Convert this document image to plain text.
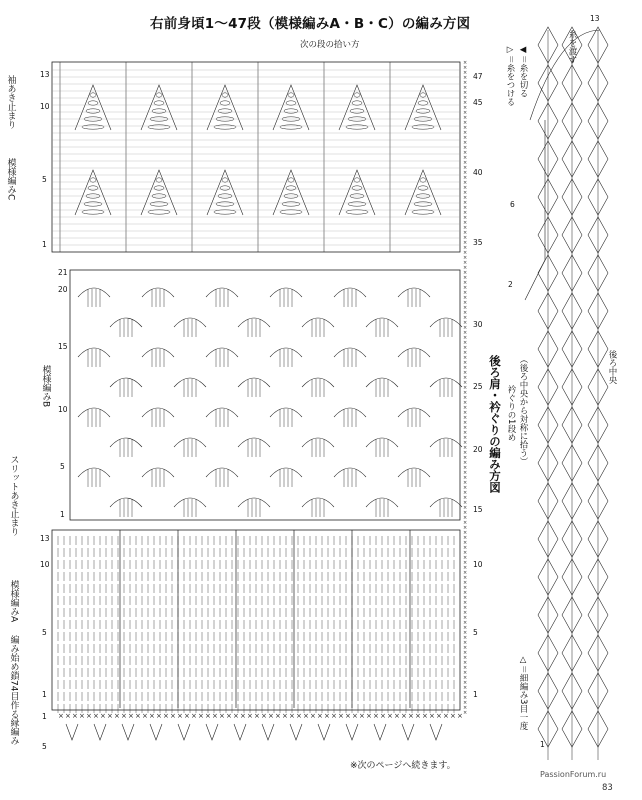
右前身頃1～47段（模様編みA・B・C）の編み方図
次の段の拾い方
※次のページへ続きます。
PassionForum.ru
83
袖あき止まり
模様編みC
模様編みB
スリットあき止まり
模様編みA
編み始め鎖74目作る
縁編み
13
10
5
1
21
20
15
10
5
1
13
10
5
1
5
1
47
45
40
35
30
25
20
15
10
5
1
後ろ肩・衿ぐりの編み方図 衿ぐりの1段め （後ろ中央から対称に拾う）	後ろ中央
▷＝糸をつける ◀＝糸を切る	糸を渡す
△＝細編み3目一度
13
6
2
1
× × × × × × × × × × × × × × × × × × × × × × × × × × × × × × × × × × × × × × × × × × × × × × × × × × × × × × × × × ×
×
×
×
×
×
×
×
×
×
×
×
×
×
×
×
×
×
×
×
×
×
×
×
×
×
×
×
×
×
×
×
×
×
×
×
×
×
×
×
×
×
×
×
×
×
×
×
×
×
×
×
×
×
×
×
×
×
×
×
×
×
×
×
×
×
×
×
×
×
×
×
×
×
×
×
×
×
×
×
×
×
×
×
×
×
×
×
×
×
×
×
×
×
×
×
×
×
×
×
×
×
×
×
×
×
×
×
×
×
×
×
×
×
×
×
×
×
×
×
×
×
×
×
×
×
×
×
×
×
×
×
